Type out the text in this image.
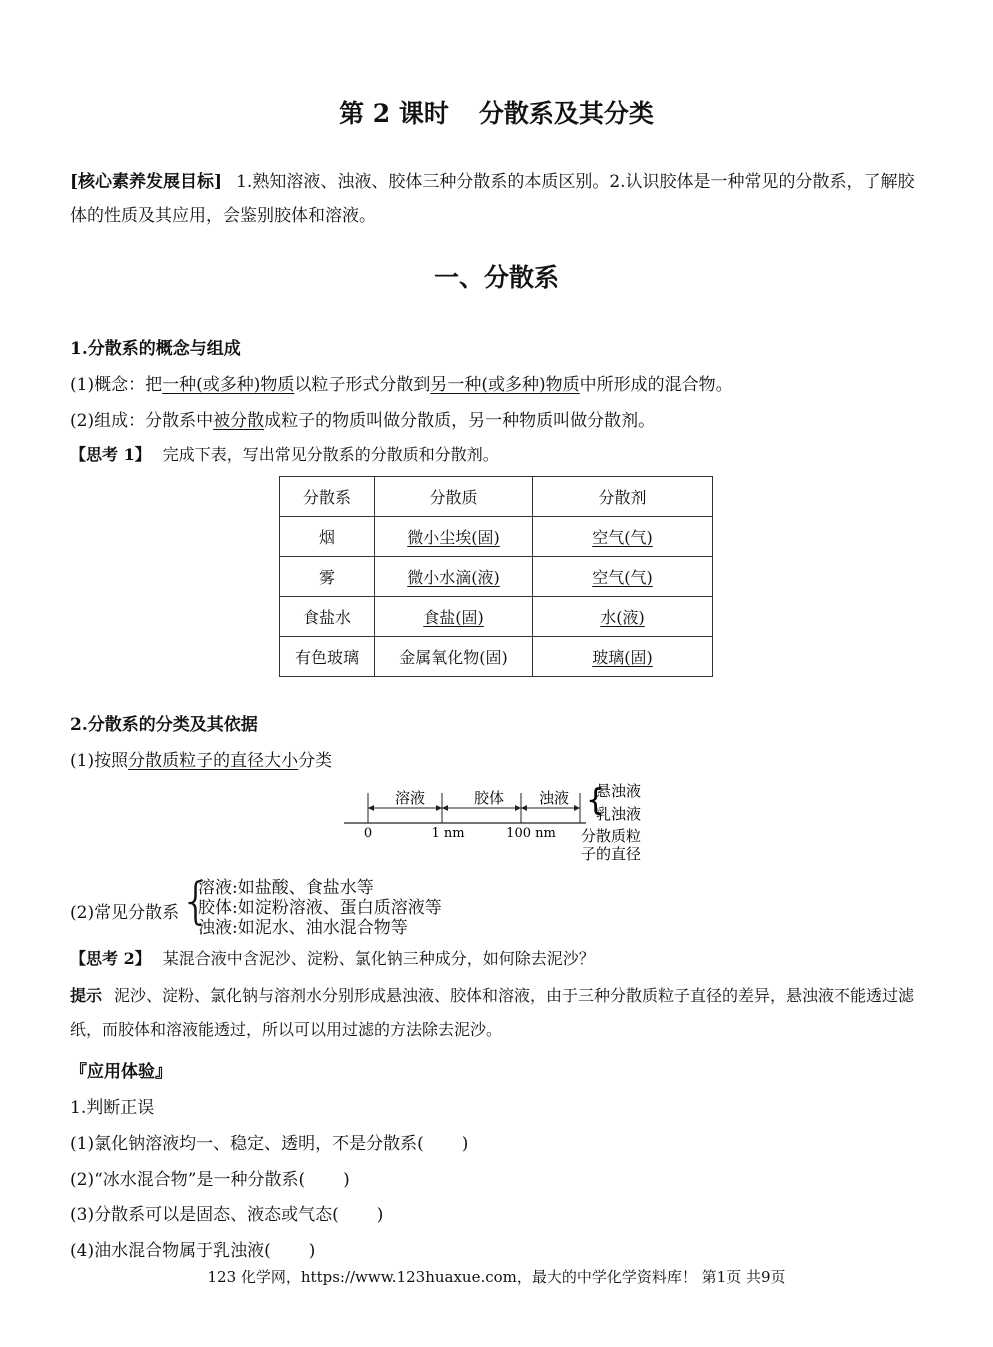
第 2 课时 分散系及其分类
[核心素养发展目标] 1.熟知溶液、浊液、胶体三种分散系的本质区别。2.认识胶体是一种常见的分散系，了解胶体的性质及其应用，会鉴别胶体和溶液。
一、分散系
1.分散系的概念与组成
(1)概念：把一种(或多种)物质以粒子形式分散到另一种(或多种)物质中所形成的混合物。
(2)组成：分散系中被分散成粒子的物质叫做分散质，另一种物质叫做分散剂。
【思考 1】 完成下表，写出常见分散系的分散质和分散剂。
分散系	分散质	分散剂
烟	微小尘埃(固)	空气(气)
雾	微小水滴(液)	空气(气)
食盐水	食盐(固)	水(液)
有色玻璃	金属氧化物(固)	玻璃(固)
2.分散系的分类及其依据
(1)按照分散质粒子的直径大小分类
溶液	胶体 浊液 {
悬浊液
乳浊液
0	1 nm	100 nm 分散质粒
子的直径
(2)常见分散系 {
溶液:如盐酸、食盐水等
胶体:如淀粉溶液、蛋白质溶液等
浊液:如泥水、油水混合物等
【思考 2】 某混合液中含泥沙、淀粉、氯化钠三种成分，如何除去泥沙？
提示 泥沙、淀粉、氯化钠与溶剂水分别形成悬浊液、胶体和溶液，由于三种分散质粒子直径的差异，悬浊液不能透过滤纸，而胶体和溶液能透过，所以可以用过滤的方法除去泥沙。
『应用体验』
1.判断正误
(1)氯化钠溶液均一、稳定、透明，不是分散系( )
(2)“冰水混合物”是一种分散系( )
(3)分散系可以是固态、液态或气态( )
(4)油水混合物属于乳浊液( )
123 化学网，https://www.123huaxue.com，最大的中学化学资料库！ 第1页 共9页
